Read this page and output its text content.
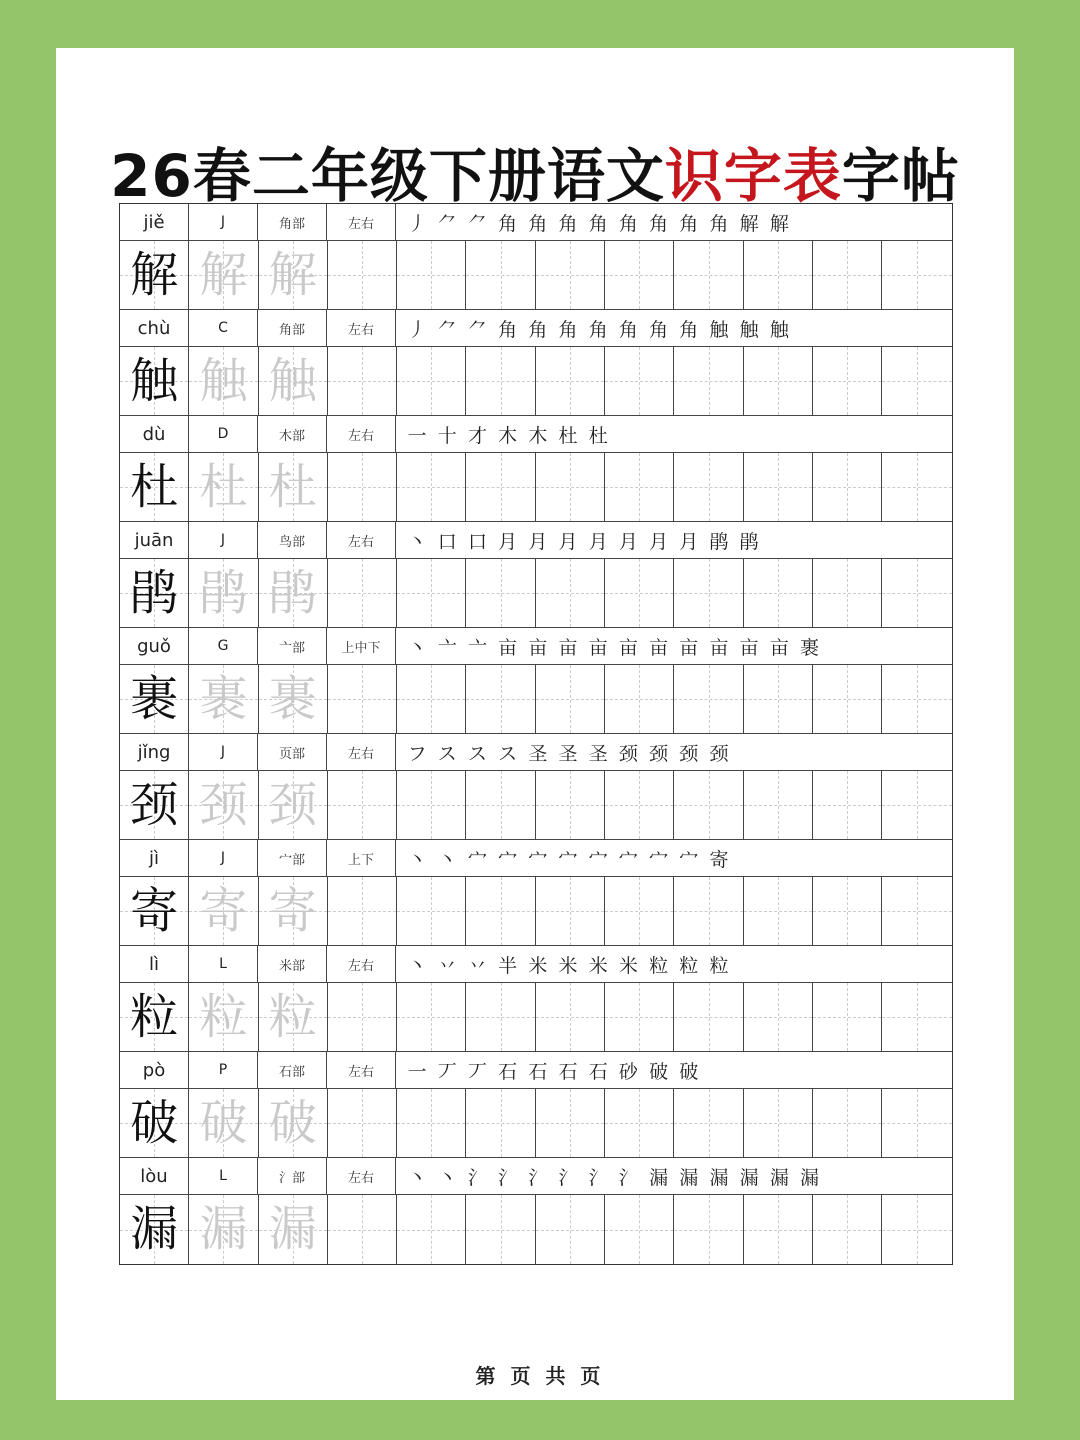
26春二年级下册语文识字表字帖
jiě	J	角部	左右	丿 ⺈ ⺈ 角 角 角 角 角 角 角 角 解 解
解 解 解
chù	C	角部	左右	丿 ⺈ ⺈ 角 角 角 角 角 角 角 触 触 触
触 触 触
dù	D	木部	左右	一 十 才 木 木 杜 杜
杜 杜 杜
juān	J	鸟部	左右	丶 口 口 月 月 月 月 月 月 月 鹃 鹃
鹃 鹃 鹃
guǒ	G	亠部	上中下	丶 亠 亠 亩 亩 亩 亩 亩 亩 亩 亩 亩 亩 裹
裹 裹 裹
jǐng	J	页部	左右	フ ス ス ス 圣 圣 圣 颈 颈 颈 颈
颈 颈 颈
jì	J	宀部	上下	丶 丶 宀 宀 宀 宀 宀 宀 宀 宀 寄
寄 寄 寄
lì	L	米部	左右	丶 丷 丷 半 米 米 米 米 粒 粒 粒
粒 粒 粒
pò	P	石部	左右	一 丆 丆 石 石 石 石 砂 破 破
破 破 破
lòu	L	氵部	左右	丶 丶 氵 氵 氵 氵 氵 氵 漏 漏 漏 漏 漏 漏
漏 漏 漏
第 页 共 页
